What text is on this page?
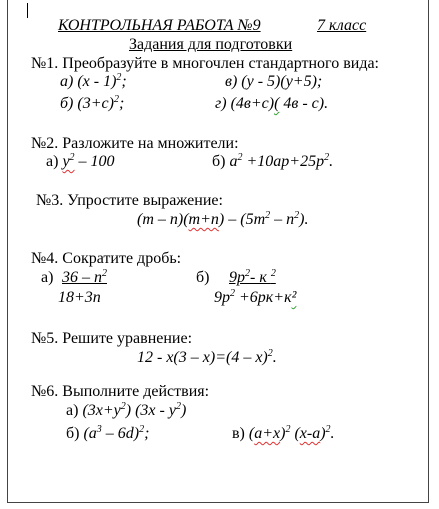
КОНТРОЛЬНАЯ РАБОТА №9	7 класс
Задания для подготовки
№1. Преобразуйте в многочлен стандартного вида:
а) (х - 1)$^2$;	в) (у - 5)(у+5);
б) $(3+с)^2$;	г) (4в+с)( 4в - с).
№2. Разложите на множители:
а) $у^2 - 100$	б) $а^2 +10ар+25р^2$.
№3. Упростите выражение:
$(m - n)(m+n) - (5m^2 - n^2)$.
№4. Сократите дробь:
а) $36 - n^2$
18+3n
б) $9р^2-$ к $^2$
$9р^2 +6рк+к^2$
№5. Решите уравнение:
12 - х(3 – х)=(4 – х)$^2$.
№6. Выполните действия:
а) $(3х+у^2)$ $(3х - у^2)$
б) $(а^3 - 6d)^2$;	в) $(а+х)^2$ $(х-а)^2$.
